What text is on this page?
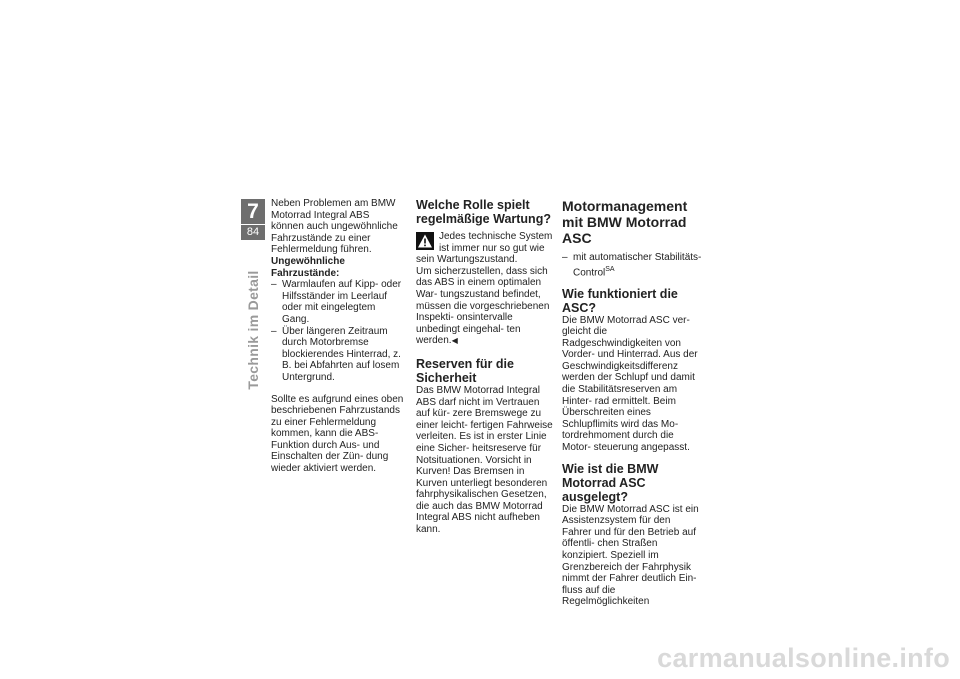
7
84
Technik im Detail

Neben Problemen am BMW Motorrad Integral ABS können auch ungewöhnliche Fahrzustände zu einer Fehlermeldung führen.

Ungewöhnliche Fahrzustände:

– Warmlaufen auf Kipp- oder Hilfsständer im Leerlauf oder mit eingelegtem Gang.
– Über längeren Zeitraum durch Motorbremse blockierendes Hinterrad, z. B. bei Abfahrten auf losem Untergrund.

Sollte es aufgrund eines oben beschriebenen Fahrzustands zu einer Fehlermeldung kommen, kann die ABS-Funktion durch Aus- und Einschalten der Zün- dung wieder aktiviert werden.

Welche Rolle spielt regelmäßige Wartung?

Jedes technische System ist immer nur so gut wie sein Wartungszustand.

Um sicherzustellen, dass sich das ABS in einem optimalen War- tungszustand befindet, müssen die vorgeschriebenen Inspekti- onsintervalle unbedingt eingehal- ten werden.◀

Reserven für die Sicherheit

Das BMW Motorrad Integral ABS darf nicht im Vertrauen auf kür- zere Bremswege zu einer leicht- fertigen Fahrweise verleiten. Es ist in erster Linie eine Sicher- heitsreserve für Notsituationen. Vorsicht in Kurven! Das Bremsen in Kurven unterliegt besonderen fahrphysikalischen Gesetzen, die auch das BMW Motorrad Integral ABS nicht aufheben kann.

Motormanagement mit BMW Motorrad ASC

– mit automatischer Stabilitäts- Control$^{SA}$

Wie funktioniert die ASC?

Die BMW Motorrad ASC ver- gleicht die Radgeschwindigkeiten von Vorder- und Hinterrad. Aus der Geschwindigkeitsdifferenz werden der Schlupf und damit die Stabilitätsreserven am Hinter- rad ermittelt. Beim Überschreiten eines Schlupflimits wird das Mo- tordrehmoment durch die Motor- steuerung angepasst.

Wie ist die BMW Motorrad ASC ausgelegt?

Die BMW Motorrad ASC ist ein Assistenzsystem für den Fahrer und für den Betrieb auf öffentli- chen Straßen konzipiert. Speziell im Grenzbereich der Fahrphysik nimmt der Fahrer deutlich Ein- fluss auf die Regelmöglichkeiten

carmanualsonline.info
